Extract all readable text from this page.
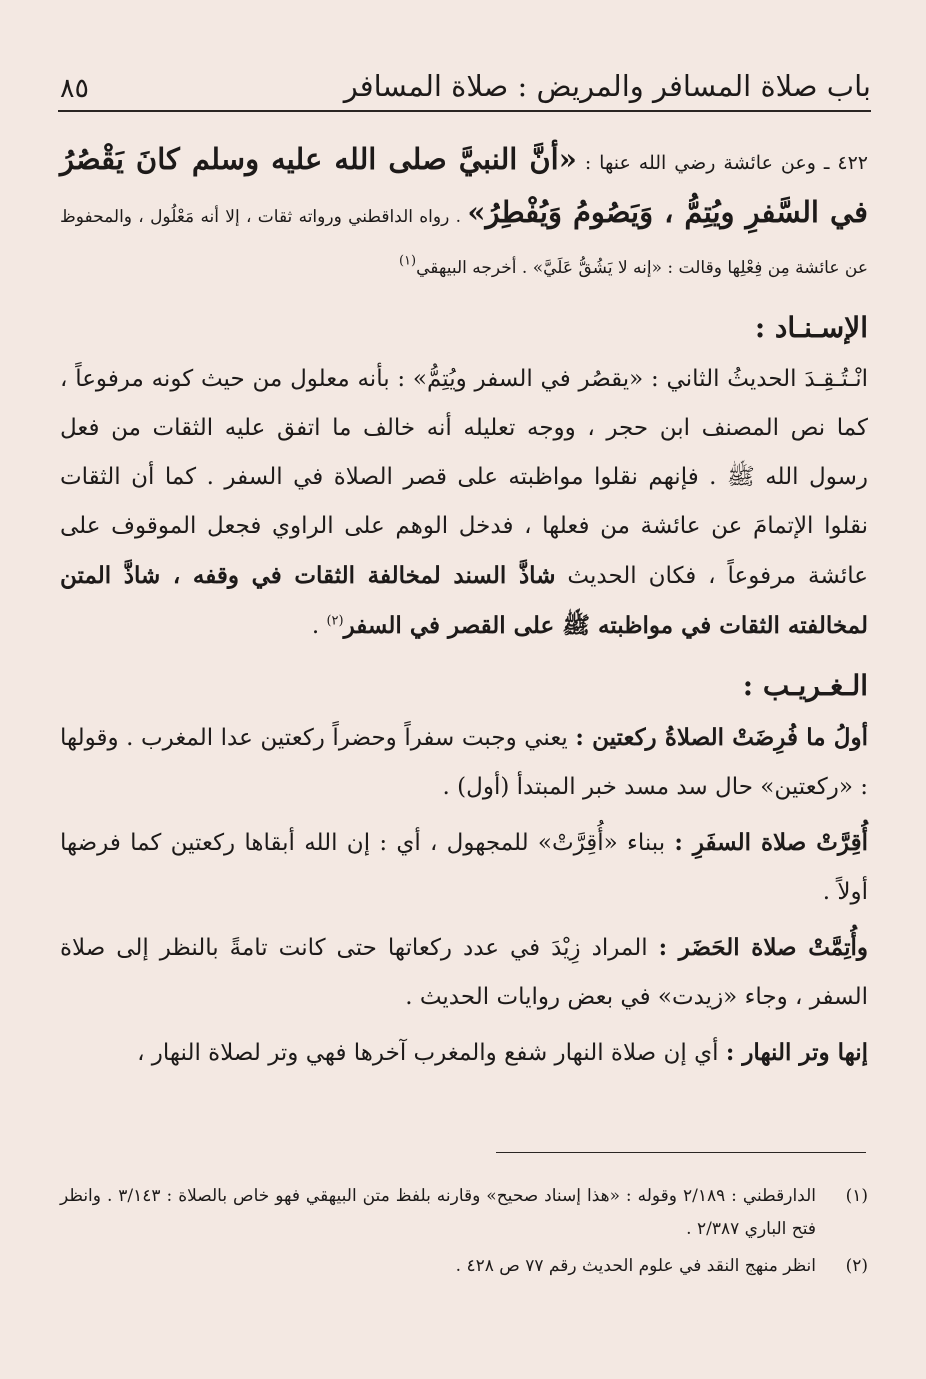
باب صلاة المسافر والمريض : صلاة المسافر
٨٥

٤٢٢ ـ وعن عائشة رضي الله عنها : «أنَّ النبيَّ صلى الله عليه وسلم كانَ يَقْصُرُ في السَّفرِ ويُتِمُّ ، وَيَصُومُ وَيُفْطِرُ» . رواه الداقطني ورواته ثقات ، إلا أنه مَعْلُول ، والمحفوظ عن عائشة مِن فِعْلِها وقالت : «إنه لا يَشُقُّ عَلَيَّ» . أخرجه البيهقي$^{(١)}$

الإسـنـاد :

انْـتُـقِـدَ الحديثُ الثاني : «يقصُر في السفر ويُتِمُّ» : بأنه معلول من حيث كونه مرفوعاً ، كما نص المصنف ابن حجر ، ووجه تعليله أنه خالف ما اتفق عليه الثقات من فعل رسول الله ﷺ . فإنهم نقلوا مواظبته على قصر الصلاة في السفر . كما أن الثقات نقلوا الإتمامَ عن عائشة من فعلها ، فدخل الوهم على الراوي فجعل الموقوف على عائشة مرفوعاً ، فكان الحديث شاذَّ السند لمخالفة الثقات في وقفه ، شاذَّ المتن لمخالفته الثقات في مواظبته ﷺ على القصر في السفر$^{(٢)}$ .

الـغـريـب :

أولُ ما فُرِضَتْ الصلاةُ ركعتين : يعني وجبت سفراً وحضراً ركعتين عدا المغرب . وقولها : «ركعتين» حال سد مسد خبر المبتدأ (أول) .

أُقِرَّتْ صلاة السفَرِ : ببناء «أُقِرَّتْ» للمجهول ، أي : إن الله أبقاها ركعتين كما فرضها أولاً .

وأُتِمَّتْ صلاة الحَضَر : المراد زِيْدَ في عدد ركعاتها حتى كانت تامةً بالنظر إلى صلاة السفر ، وجاء «زيدت» في بعض روايات الحديث .

إنها وتر النهار : أي إن صلاة النهار شفع والمغرب آخرها فهي وتر لصلاة النهار ،

(١)
الدارقطني : ٢/١٨٩ وقوله : «هذا إسناد صحيح» وقارنه بلفظ متن البيهقي فهو خاص بالصلاة : ٣/١٤٣ . وانظر فتح الباري ٢/٣٨٧ .
(٢)
انظر منهج النقد في علوم الحديث رقم ٧٧ ص ٤٢٨ .
